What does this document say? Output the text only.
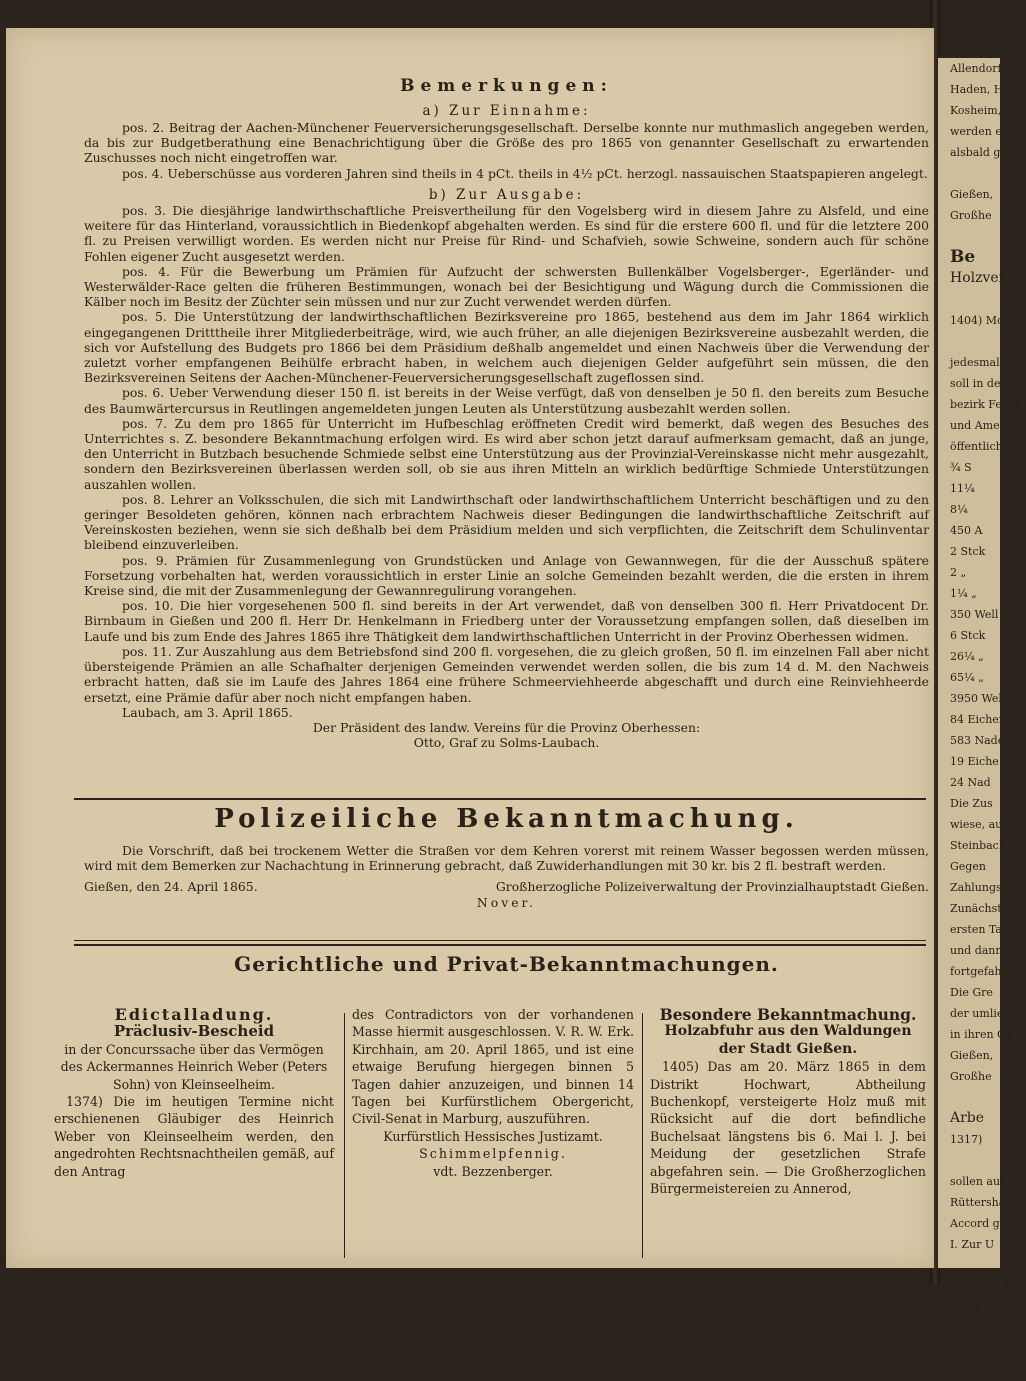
Bemerkungen:
a) Zur Einnahme:

pos. 2. Beitrag der Aachen-Münchener Feuerversicherungsgesellschaft. Derselbe konnte nur muthmaslich angegeben werden, da bis zur Budgetberathung eine Benachrichtigung über die Größe des pro 1865 von genannter Gesellschaft zu erwartenden Zuschusses noch nicht eingetroffen war.

pos. 4. Ueberschüsse aus vorderen Jahren sind theils in 4 pCt. theils in 4½ pCt. herzogl. nassauischen Staatspapieren angelegt.

b) Zur Ausgabe:

pos. 3. Die diesjährige landwirthschaftliche Preisvertheilung für den Vogelsberg wird in diesem Jahre zu Alsfeld, und eine weitere für das Hinterland, voraussichtlich in Biedenkopf abgehalten werden. Es sind für die erstere 600 fl. und für die letztere 200 fl. zu Preisen verwilligt worden. Es werden nicht nur Preise für Rind- und Schafvieh, sowie Schweine, sondern auch für schöne Fohlen eigener Zucht ausgesetzt werden.

pos. 4. Für die Bewerbung um Prämien für Aufzucht der schwersten Bullenkälber Vogelsberger-, Egerländer- und Westerwälder-Race gelten die früheren Bestimmungen, wonach bei der Besichtigung und Wägung durch die Commissionen die Kälber noch im Besitz der Züchter sein müssen und nur zur Zucht verwendet werden dürfen.

pos. 5. Die Unterstützung der landwirthschaftlichen Bezirksvereine pro 1865, bestehend aus dem im Jahr 1864 wirklich eingegangenen Dritttheile ihrer Mitgliederbeiträge, wird, wie auch früher, an alle diejenigen Bezirksvereine ausbezahlt werden, die sich vor Aufstellung des Budgets pro 1866 bei dem Präsidium deßhalb angemeldet und einen Nachweis über die Verwendung der zuletzt vorher empfangenen Beihülfe erbracht haben, in welchem auch diejenigen Gelder aufgeführt sein müssen, die den Bezirksvereinen Seitens der Aachen-Münchener-Feuerversicherungsgesellschaft zugeflossen sind.

pos. 6. Ueber Verwendung dieser 150 fl. ist bereits in der Weise verfügt, daß von denselben je 50 fl. den bereits zum Besuche des Baumwärtercursus in Reutlingen angemeldeten jungen Leuten als Unterstützung ausbezahlt werden sollen.

pos. 7. Zu dem pro 1865 für Unterricht im Hufbeschlag eröffneten Credit wird bemerkt, daß wegen des Besuches des Unterrichtes s. Z. besondere Bekanntmachung erfolgen wird. Es wird aber schon jetzt darauf aufmerksam gemacht, daß an junge, den Unterricht in Butzbach besuchende Schmiede selbst eine Unterstützung aus der Provinzial-Vereinskasse nicht mehr ausgezahlt, sondern den Bezirksvereinen überlassen werden soll, ob sie aus ihren Mitteln an wirklich bedürftige Schmiede Unterstützungen auszahlen wollen.

pos. 8. Lehrer an Volksschulen, die sich mit Landwirthschaft oder landwirthschaftlichem Unterricht beschäftigen und zu den geringer Besoldeten gehören, können nach erbrachtem Nachweis dieser Bedingungen die landwirthschaftliche Zeitschrift auf Vereinskosten beziehen, wenn sie sich deßhalb bei dem Präsidium melden und sich verpflichten, die Zeitschrift dem Schulinventar bleibend einzuverleiben.

pos. 9. Prämien für Zusammenlegung von Grundstücken und Anlage von Gewannwegen, für die der Ausschuß spätere Forsetzung vorbehalten hat, werden voraussichtlich in erster Linie an solche Gemeinden bezahlt werden, die die ersten in ihrem Kreise sind, die mit der Zusammenlegung der Gewannregulirung vorangehen.

pos. 10. Die hier vorgesehenen 500 fl. sind bereits in der Art verwendet, daß von denselben 300 fl. Herr Privatdocent Dr. Birnbaum in Gießen und 200 fl. Herr Dr. Henkelmann in Friedberg unter der Voraussetzung empfangen sollen, daß dieselben im Laufe und bis zum Ende des Jahres 1865 ihre Thätigkeit dem landwirthschaftlichen Unterricht in der Provinz Oberhessen widmen.

pos. 11. Zur Auszahlung aus dem Betriebsfond sind 200 fl. vorgesehen, die zu gleich großen, 50 fl. im einzelnen Fall aber nicht übersteigende Prämien an alle Schafhalter derjenigen Gemeinden verwendet werden sollen, die bis zum 14 d. M. den Nachweis erbracht hatten, daß sie im Laufe des Jahres 1864 eine frühere Schmeerviehheerde abgeschafft und durch eine Reinviehheerde ersetzt, eine Prämie dafür aber noch nicht empfangen haben.

Laubach, am 3. April 1865.

Der Präsident des landw. Vereins für die Provinz Oberhessen:

Otto, Graf zu Solms-Laubach.

Polizeiliche Bekanntmachung.

Die Vorschrift, daß bei trockenem Wetter die Straßen vor dem Kehren vorerst mit reinem Wasser begossen werden müssen, wird mit dem Bemerken zur Nachachtung in Erinnerung gebracht, daß Zuwiderhandlungen mit 30 kr. bis 2 fl. bestraft werden.

Gießen, den 24. April 1865.	Großherzogliche Polizeiverwaltung der Provinzialhauptstadt Gießen.

Nover.

Gerichtliche und Privat-Bekanntmachungen.
Edictalladung.
Präclusiv-Bescheid
in der Concurssache über das Vermögen des Ackermannes Heinrich Weber (Peters Sohn) von Kleinseelheim.
1374) Die im heutigen Termine nicht erschienenen Gläubiger des Heinrich Weber von Kleinseelheim werden, den angedrohten Rechtsnachtheilen gemäß, auf den Antrag
des Contradictors von der vorhandenen Masse hiermit ausgeschlossen. V. R. W. Erk. Kirchhain, am 20. April 1865, und ist eine etwaige Berufung hiergegen binnen 5 Tagen dahier anzuzeigen, und binnen 14 Tagen bei Kurfürstlichem Obergericht, Civil-Senat in Marburg, auszuführen.
Kurfürstlich Hessisches Justizamt.
Schimmelpfennig.
vdt. Bezzenberger.
Besondere Bekanntmachung.
Holzabfuhr aus den Waldungen der Stadt Gießen.
1405) Das am 20. März 1865 in dem Distrikt Hochwart, Abtheilung Buchenkopf, versteigerte Holz muß mit Rücksicht auf die dort befindliche Buchelsaat längstens bis 6. Mai l. J. bei Meidung der gesetzlichen Strafe abgefahren sein. — Die Großherzoglichen Bürgermeistereien zu Annerod,
Allendorf a. L
Haden, Hau
Kosheim, N
werden ersu
alsbald gef

Gießen,
Großhe

Be
Holzver

1404) Mon

jedesmal
soll in dem
bezirk Ferne
und Ameise
öffentlich ve
¾ S
11¼
8¼
450 A
2 Stck
2 „
1¼ „
350 Well
6 Stck
26¼ „
65¼ „
3950 Welle
84 Eichen
583 Nadel
19 Eiche
24 Nad
Die Zus
wiese, auf
Steinbach.
Gegen
Zahlungsf
Zunächst
ersten Tage
und dann
fortgefahren
Die Gre
der umliegen
in ihren Ge
Gießen,
Großhe

Arbe
1317)

sollen auf
Rüttershau
Accord ge
I. Zur U

Steinbrech
den S
veransch
Steinsetzen
Steinklopfe
